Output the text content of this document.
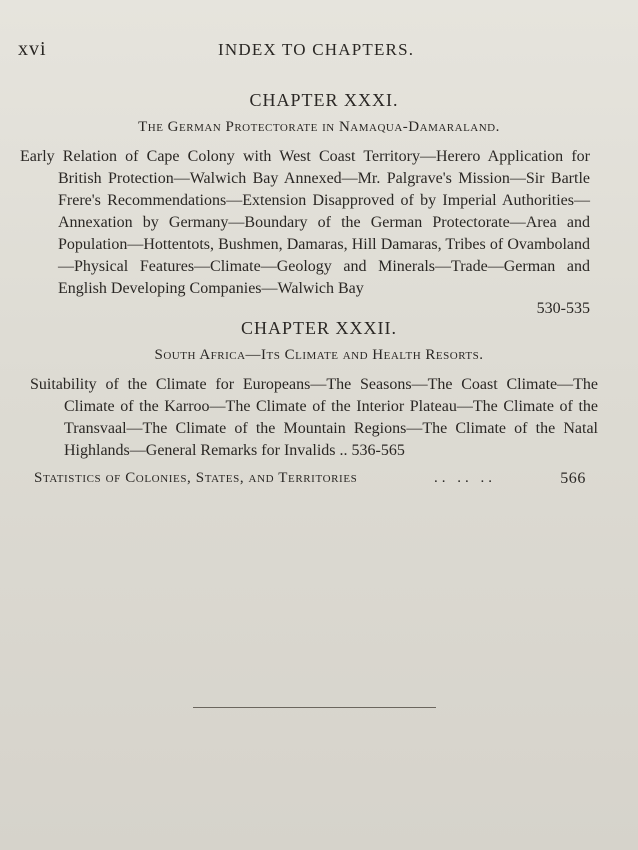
xvi	INDEX TO CHAPTERS.
CHAPTER XXXI.
The German Protectorate in Namaqua-Damaraland.
Early Relation of Cape Colony with West Coast Territory—Herero Application for British Protection—Walwich Bay Annexed—Mr. Palgrave's Mission—Sir Bartle Frere's Recommendations—Extension Disapproved of by Imperial Authorities—Annexation by Germany—Boundary of the German Protectorate—Area and Population—Hottentots, Bushmen, Damaras, Hill Damaras, Tribes of Ovamboland—Physical Features—Climate—Geology and Minerals—Trade—German and English Developing Companies—Walwich Bay
530-535
CHAPTER XXXII.
South Africa—Its Climate and Health Resorts.
Suitability of the Climate for Europeans—The Seasons—The Coast Climate—The Climate of the Karroo—The Climate of the Interior Plateau—The Climate of the Transvaal—The Climate of the Mountain Regions—The Climate of the Natal Highlands—General Remarks for Invalids .. 536-565
Statistics of Colonies, States, and Territories	.. .. ..	566
